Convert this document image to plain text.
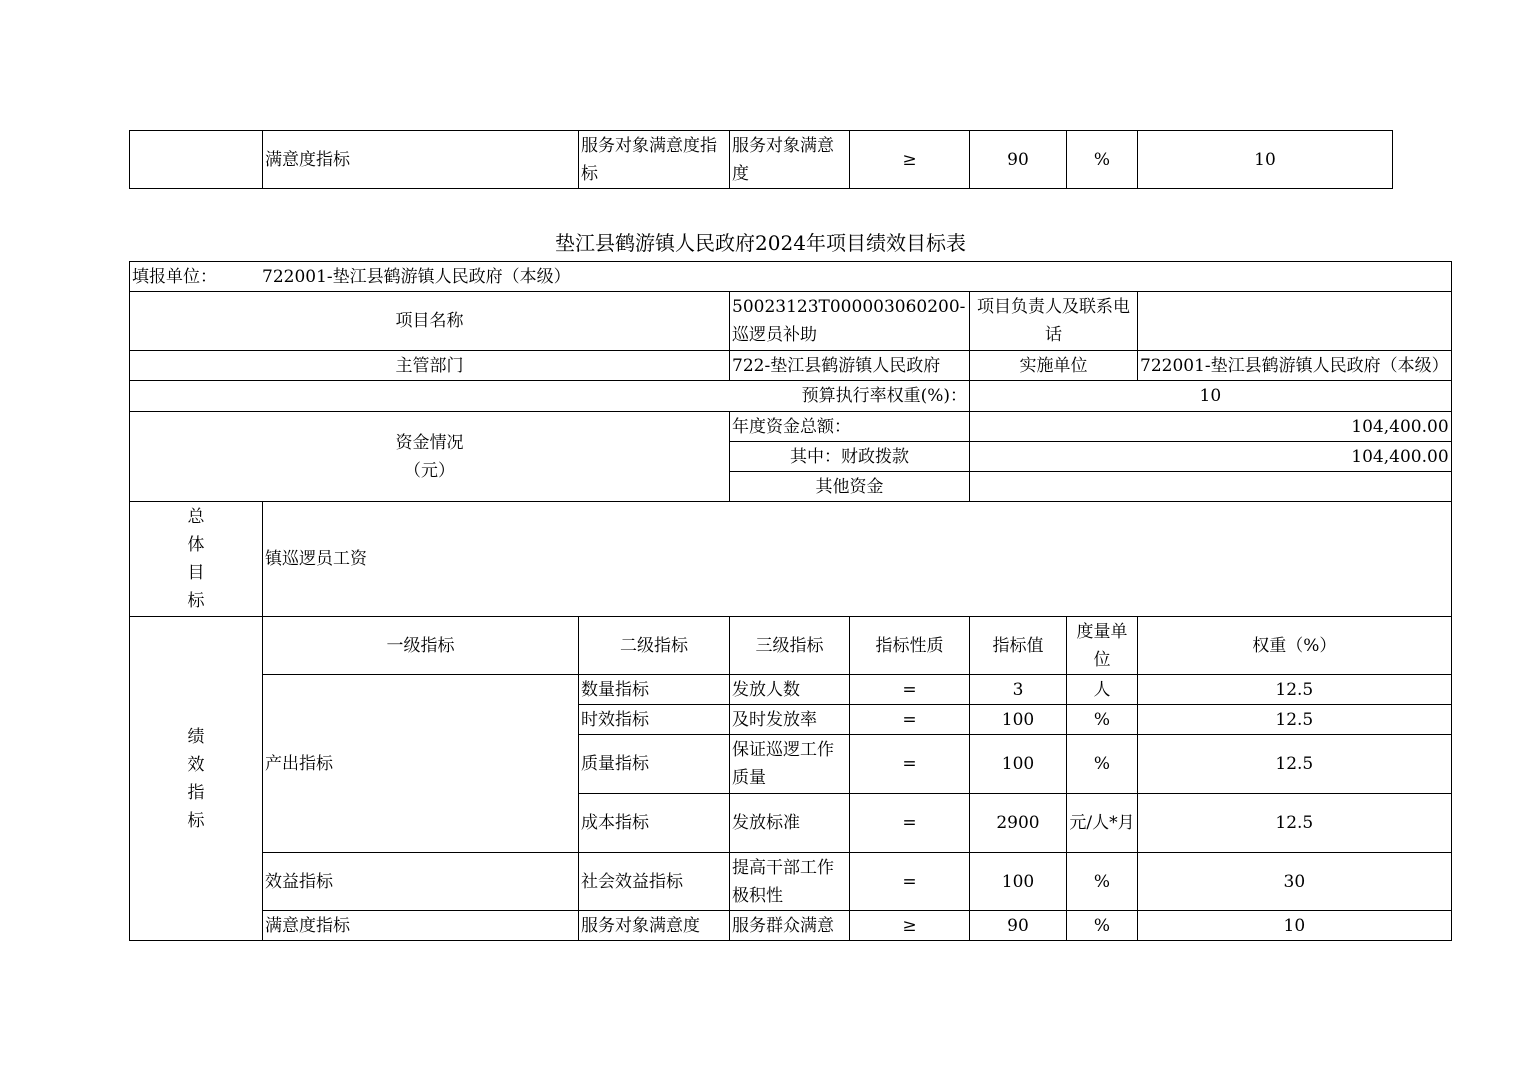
	满意度指标	服务对象满意度指标	服务对象满意度	≥	90	%	10
垫江县鹤游镇人民政府2024年项目绩效目标表
填报单位： 722001-垫江县鹤游镇人民政府（本级）							
项目名称			50023123T000003060200-巡逻员补助		项目负责人及联系电话		
主管部门			722-垫江县鹤游镇人民政府		实施单位		722001-垫江县鹤游镇人民政府（本级）
预算执行率权重(%)：					10		

资金情况
（元）			年度资金总额：		104,400.00		
			其中：财政拨款		104,400.00		
			其他资金				

总
体
目
标	镇巡逻员工资						

绩
效
指
标	一级指标	二级指标	三级指标	指标性质	指标值	度量单位	权重（%）
	产出指标	数量指标	发放人数	=	3	人	12.5
		时效指标	及时发放率	=	100	%	12.5
		质量指标	保证巡逻工作质量	=	100	%	12.5
		成本指标	发放标准	=	2900	元/人*月	12.5
	效益指标	社会效益指标	提高干部工作极积性	=	100	%	30
	满意度指标	服务对象满意度	服务群众满意	≥	90	%	10
